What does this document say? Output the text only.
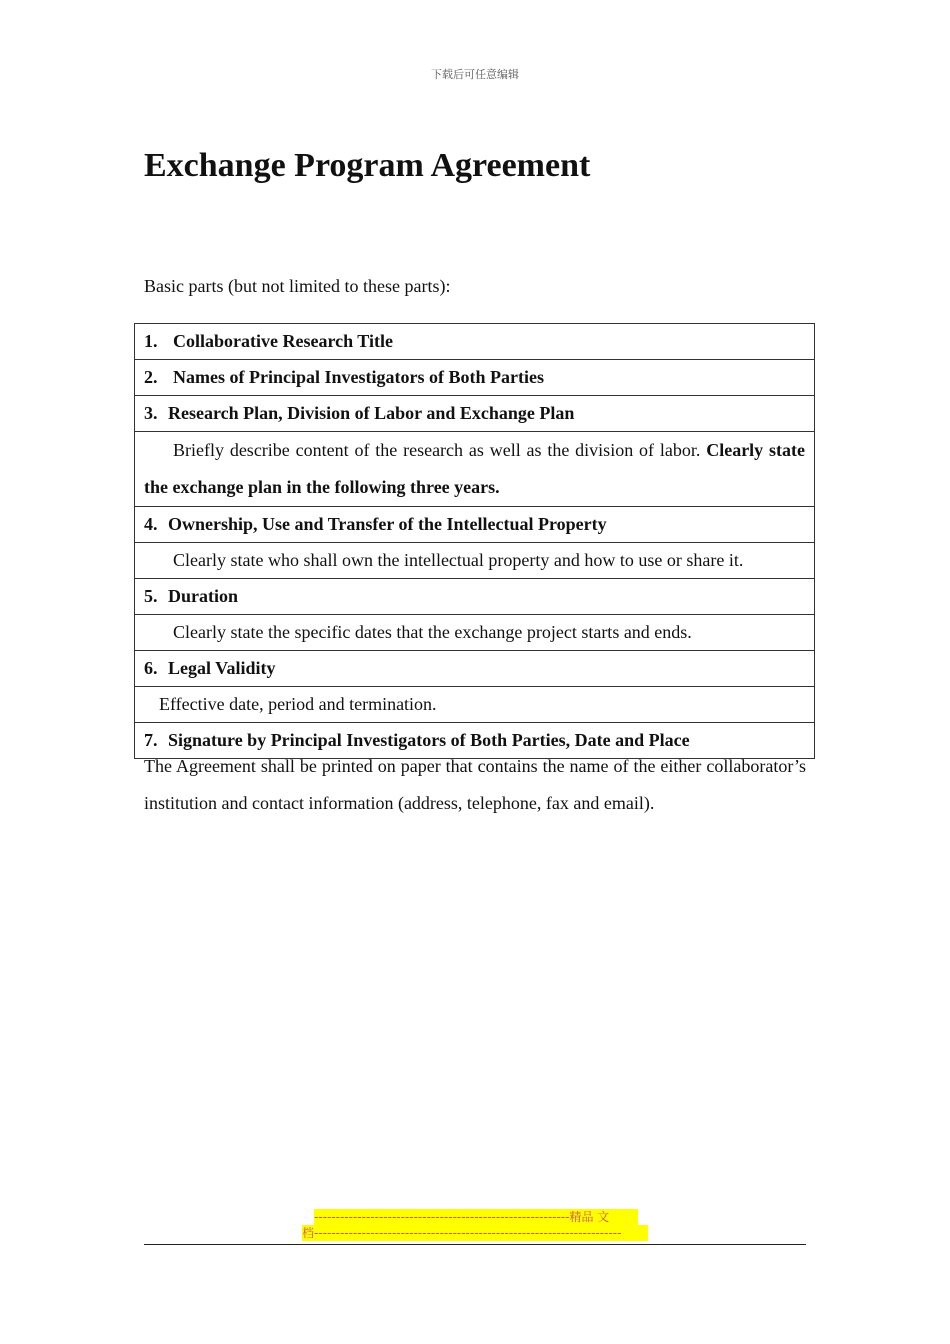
下载后可任意编辑
Exchange Program Agreement

Basic parts (but not limited to these parts):

1. Collaborative Research Title
2. Names of Principal Investigators of Both Parties
3. Research Plan, Division of Labor and Exchange Plan
Briefly describe content of the research as well as the division of labor. Clearly state the exchange plan in the following three years.
4. Ownership, Use and Transfer of the Intellectual Property
Clearly state who shall own the intellectual property and how to use or share it.
5. Duration
Clearly state the specific dates that the exchange project starts and ends.
6. Legal Validity
Effective date, period and termination.
7. Signature by Principal Investigators of Both Parties, Date and Place

The Agreement shall be printed on paper that contains the name of the either collaborator’s institution and contact information (address, telephone, fax and email).

-----------------------------------------------------------精品 文
档-----------------------------------------------------------------------
